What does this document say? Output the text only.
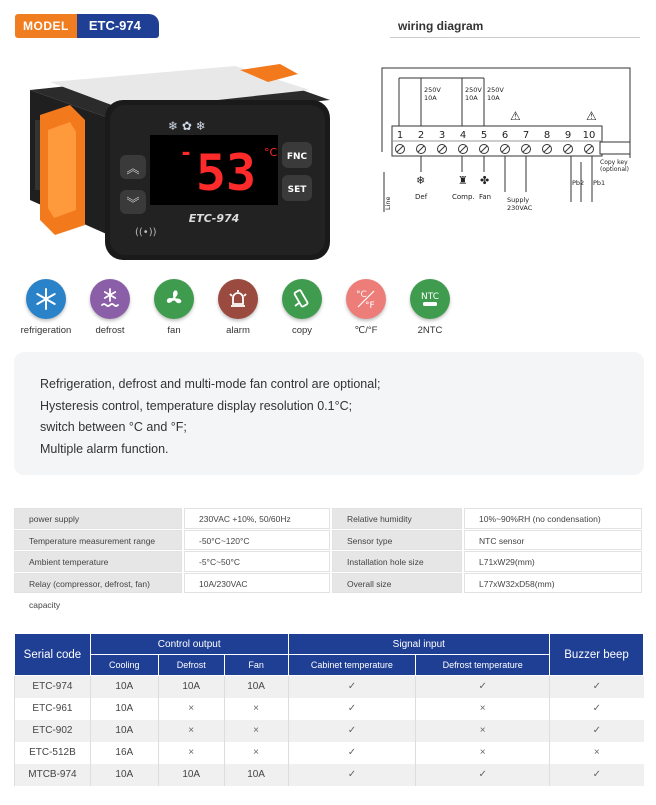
MODEL	ETC-974
❄ ✿ ❄
- 53 °C
ETC-974
((•))
︽
︾
FNC
SET
wiring diagram
1 2 3 4 5 6 7 8 9 10
250V
10A
250V
10A
250V
10A
⚠	⚠
❄	♜ ✤
Def	Comp. Fan Supply
230VAC
Line
Pb2 Pb1
Copy key
(optional)
refrigeration	defrost	fan	alarm	copy
°C
°F
℃/°F
NTC
2NTC

Refrigeration, defrost and multi-mode fan control are optional;

Hysteresis control, temperature display resolution 0.1°C;

switch between °C and °F;

Multiple alarm function.

power supply	230VAC +10%, 50/60Hz	Relative humidity	10%~90%RH (no condensation)
Temperature measurement range	-50°C~120°C	Sensor type	NTC sensor
Ambient temperature	-5°C~50°C	Installation hole size	L71xW29(mm)
Relay (compressor, defrost, fan) capacity
10A/230VAC	Overall size	L77xW32xD58(mm)
Serial code	Control output			Signal input		Buzzer beep
	Cooling	Defrost	Fan	Cabinet temperature	Defrost temperature	
ETC-974	10A	10A	10A	✓	✓	✓
ETC-961	10A	×	×	✓	×	✓
ETC-902	10A	×	×	✓	×	✓
ETC-512B	16A	×	×	✓	×	×
MTCB-974	10A	10A	10A	✓	✓	✓
